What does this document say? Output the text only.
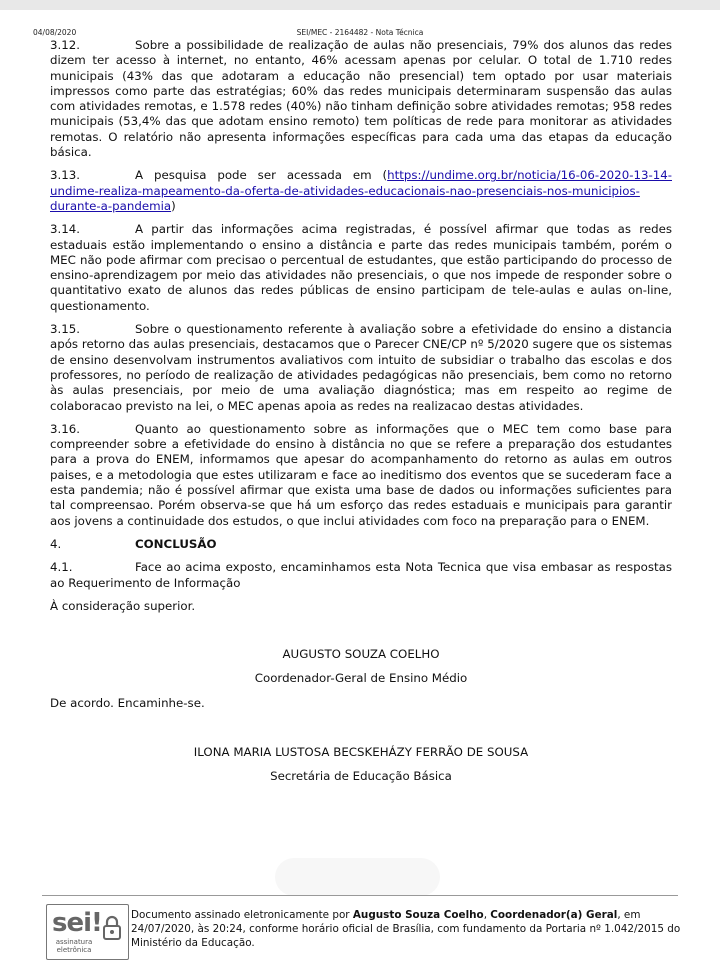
04/08/2020	SEI/MEC - 2164482 - Nota Técnica

3.12.	Sobre a possibilidade de realização de aulas não presenciais, 79% dos alunos das redes dizem ter acesso à internet, no entanto, 46% acessam apenas por celular. O total de 1.710 redes municipais (43% das que adotaram a educação não presencial) tem optado por usar materiais impressos como parte das estratégias; 60% das redes municipais determinaram suspensão das aulas com atividades remotas, e 1.578 redes (40%) não tinham definição sobre atividades remotas; 958 redes municipais (53,4% das que adotam ensino remoto) tem políticas de rede para monitorar as atividades remotas. O relatório não apresenta informações específicas para cada uma das etapas da educação básica.

3.13.	A pesquisa pode ser acessada em (https://undime.org.br/noticia/16-06-2020-13-14-undime-realiza-mapeamento-da-oferta-de-atividades-educacionais-nao-presenciais-nos-municipios-durante-a-pandemia)

3.14.	A partir das informações acima registradas, é possível afirmar que todas as redes estaduais estão implementando o ensino a distância e parte das redes municipais também, porém o MEC não pode afirmar com precisao o percentual de estudantes, que estão participando do processo de ensino-aprendizagem por meio das atividades não presenciais, o que nos impede de responder sobre o quantitativo exato de alunos das redes públicas de ensino participam de tele-aulas e aulas on-line, questionamento.

3.15.	Sobre o questionamento referente à avaliação sobre a efetividade do ensino a distancia após retorno das aulas presenciais, destacamos que o Parecer CNE/CP nº 5/2020 sugere que os sistemas de ensino desenvolvam instrumentos avaliativos com intuito de subsidiar o trabalho das escolas e dos professores, no período de realização de atividades pedagógicas não presenciais, bem como no retorno às aulas presenciais, por meio de uma avaliação diagnóstica; mas em respeito ao regime de colaboracao previsto na lei, o MEC apenas apoia as redes na realizacao destas atividades.

3.16.	Quanto ao questionamento sobre as informações que o MEC tem como base para compreender sobre a efetividade do ensino à distância no que se refere a preparação dos estudantes para a prova do ENEM, informamos que apesar do acompanhamento do retorno as aulas em outros paises, e a metodologia que estes utilizaram e face ao ineditismo dos eventos que se sucederam face a esta pandemia; não é possível afirmar que exista uma base de dados ou informações suficientes para tal compreensao. Porém observa-se que há um esforço das redes estaduais e municipais para garantir aos jovens a continuidade dos estudos, o que inclui atividades com foco na preparação para o ENEM.

4.	CONCLUSÃO

4.1.	Face ao acima exposto, encaminhamos esta Nota Tecnica que visa embasar as respostas ao Requerimento de Informação

À consideração superior.

AUGUSTO SOUZA COELHO

Coordenador-Geral de Ensino Médio

De acordo. Encaminhe-se.

ILONA MARIA LUSTOSA BECSKEHÁZY FERRÃO DE SOUSA

Secretária de Educação Básica

sei!
assinatura eletrônica
Documento assinado eletronicamente por Augusto Souza Coelho, Coordenador(a) Geral, em 24/07/2020, às 20:24, conforme horário oficial de Brasília, com fundamento da Portaria nº 1.042/2015 do Ministério da Educação.
